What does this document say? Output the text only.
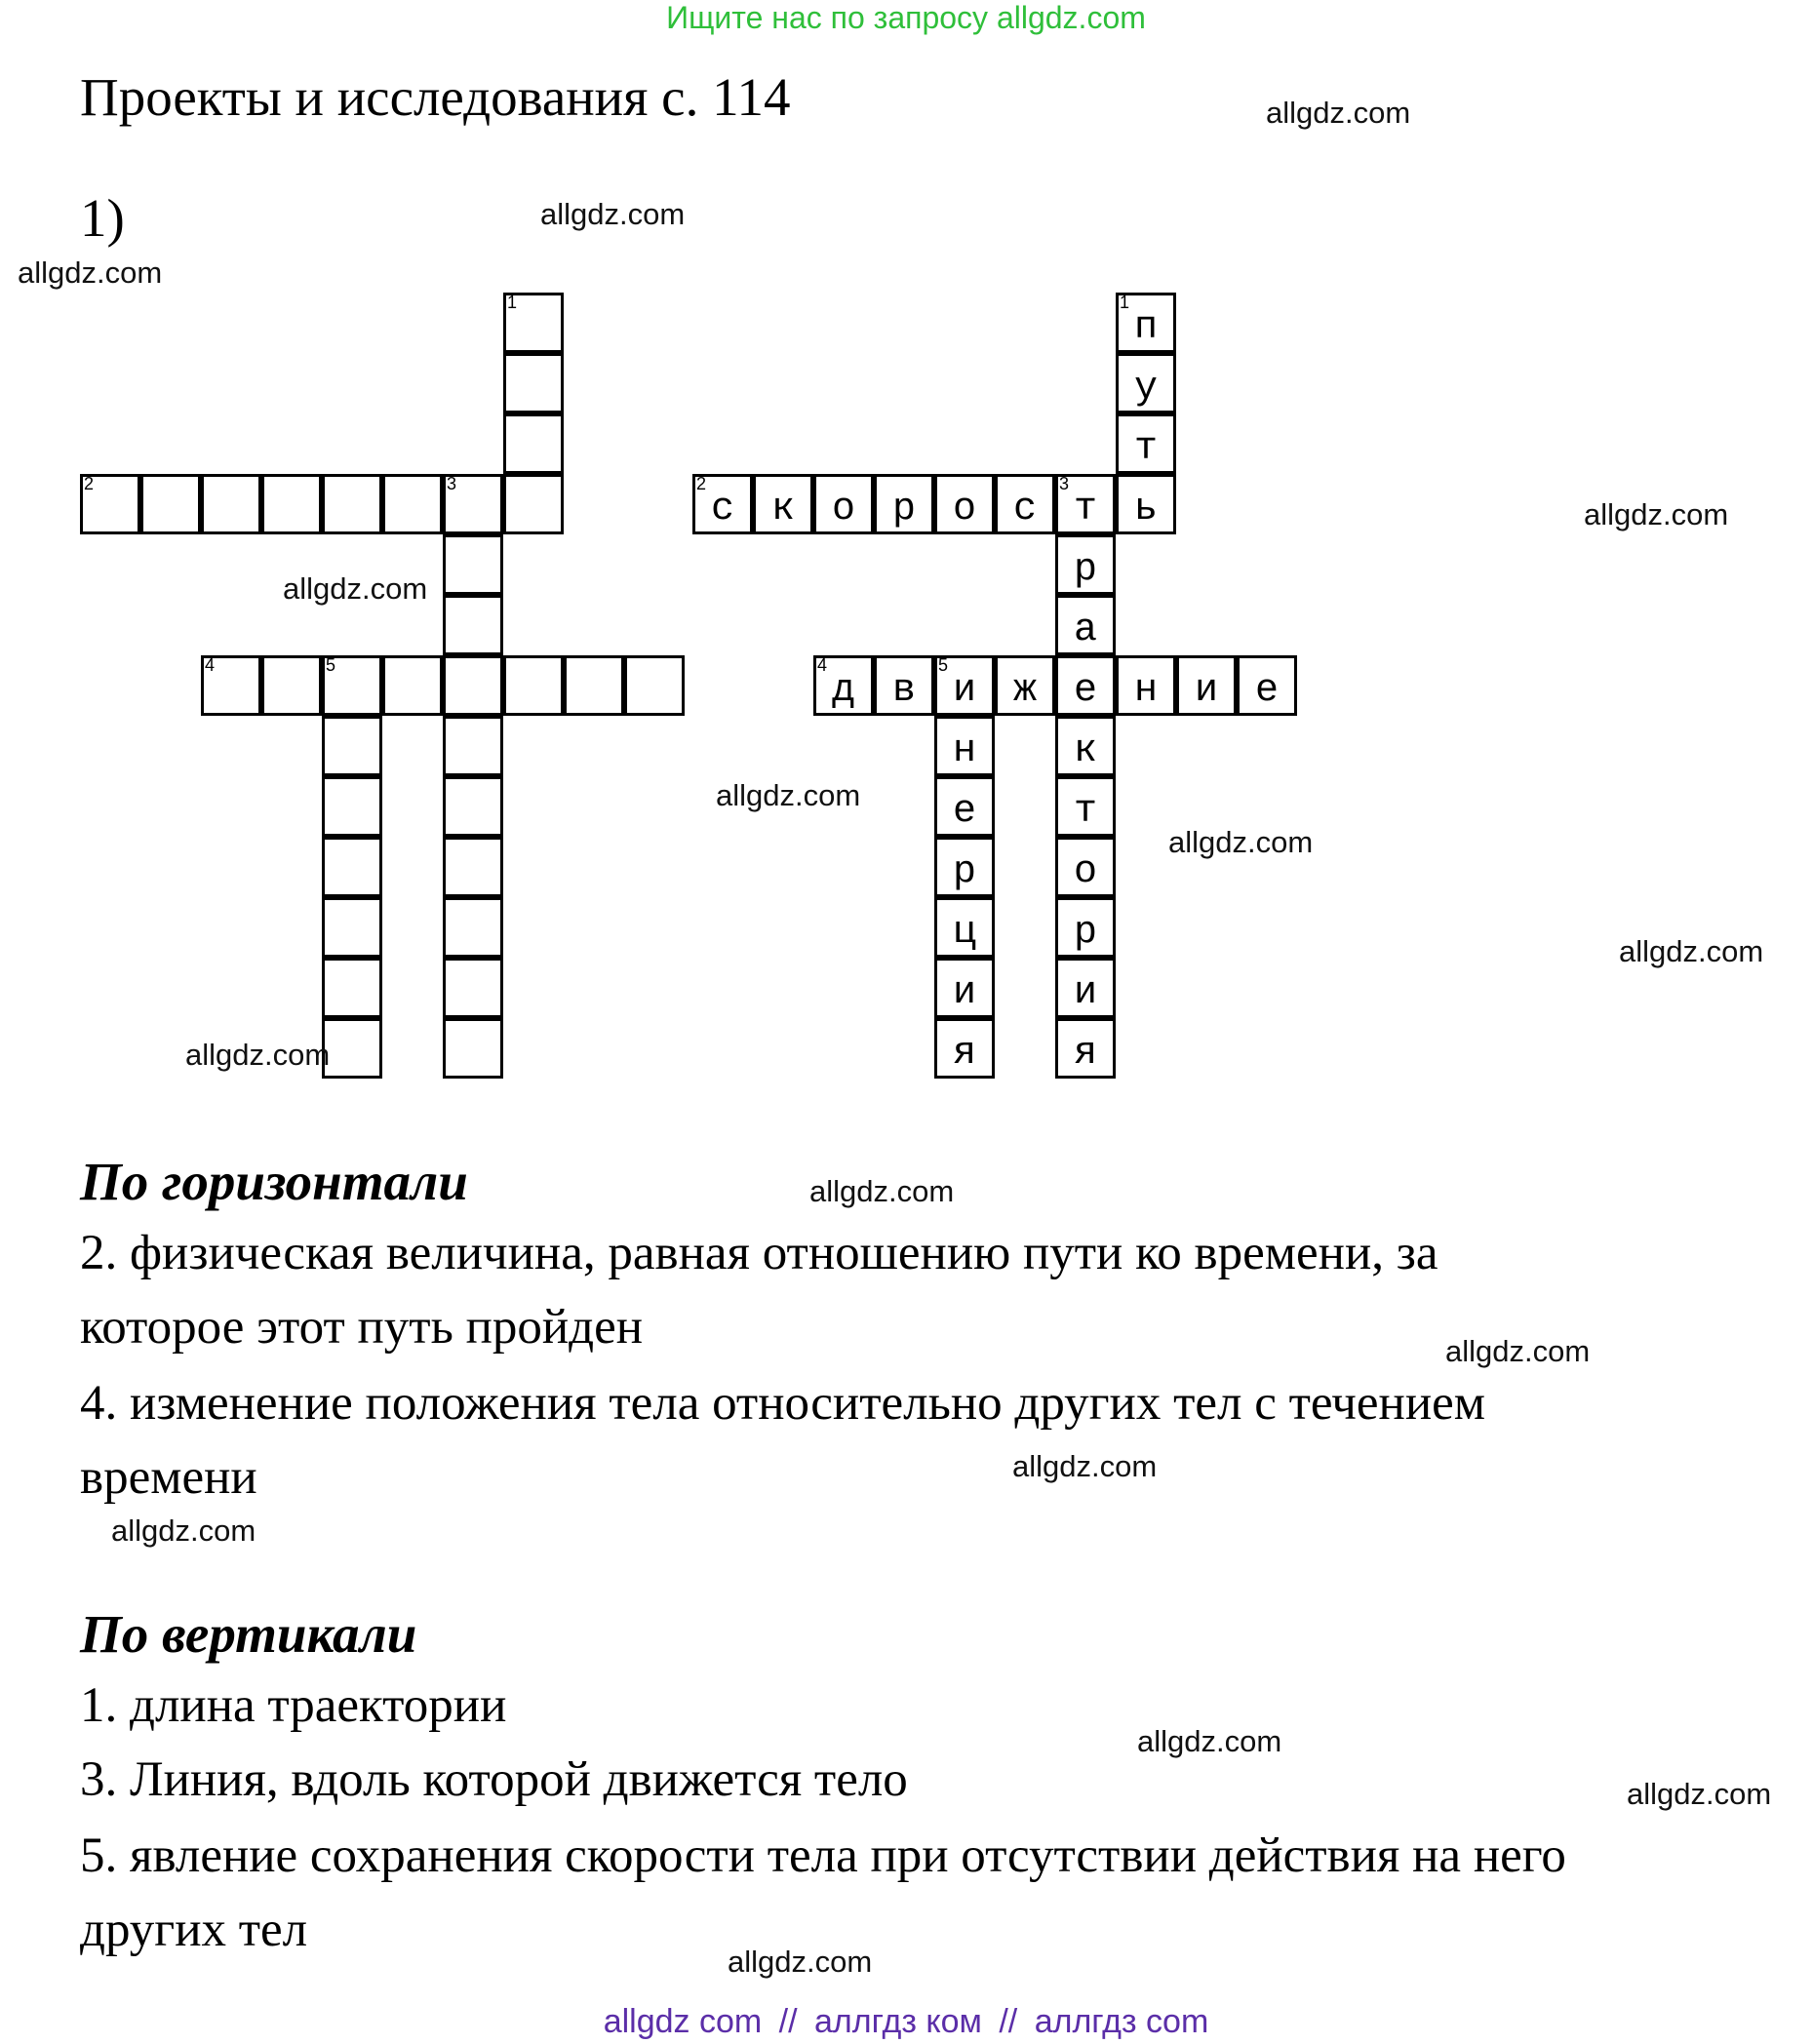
Ищите нас по запросу allgdz.com
Проекты и исследования с. 114
1)
1
2	3
4	5
1
п
у
т
ь
2
с к о р о с
3
т
р
а
е
к
т
о
р
и
я
4
д в
5
и ж	н и е
н
е
р
ц
и
я
По горизонтали
2. физическая величина, равная отношению пути ко времени, за
которое этот путь пройден
4. изменение положения тела относительно других тел с течением
времени
По вертикали
1. длина траектории
3. Линия, вдоль которой движется тело
5. явление сохранения скорости тела при отсутствии действия на него
других тел
allgdz.com
allgdz.com
allgdz.com
allgdz.com
allgdz.com
allgdz.com
allgdz.com
allgdz.com
allgdz.com
allgdz.com
allgdz.com
allgdz.com
allgdz.com
allgdz.com
allgdz.com
allgdz.com
allgdz com // аллгдз ком // аллгдз com
